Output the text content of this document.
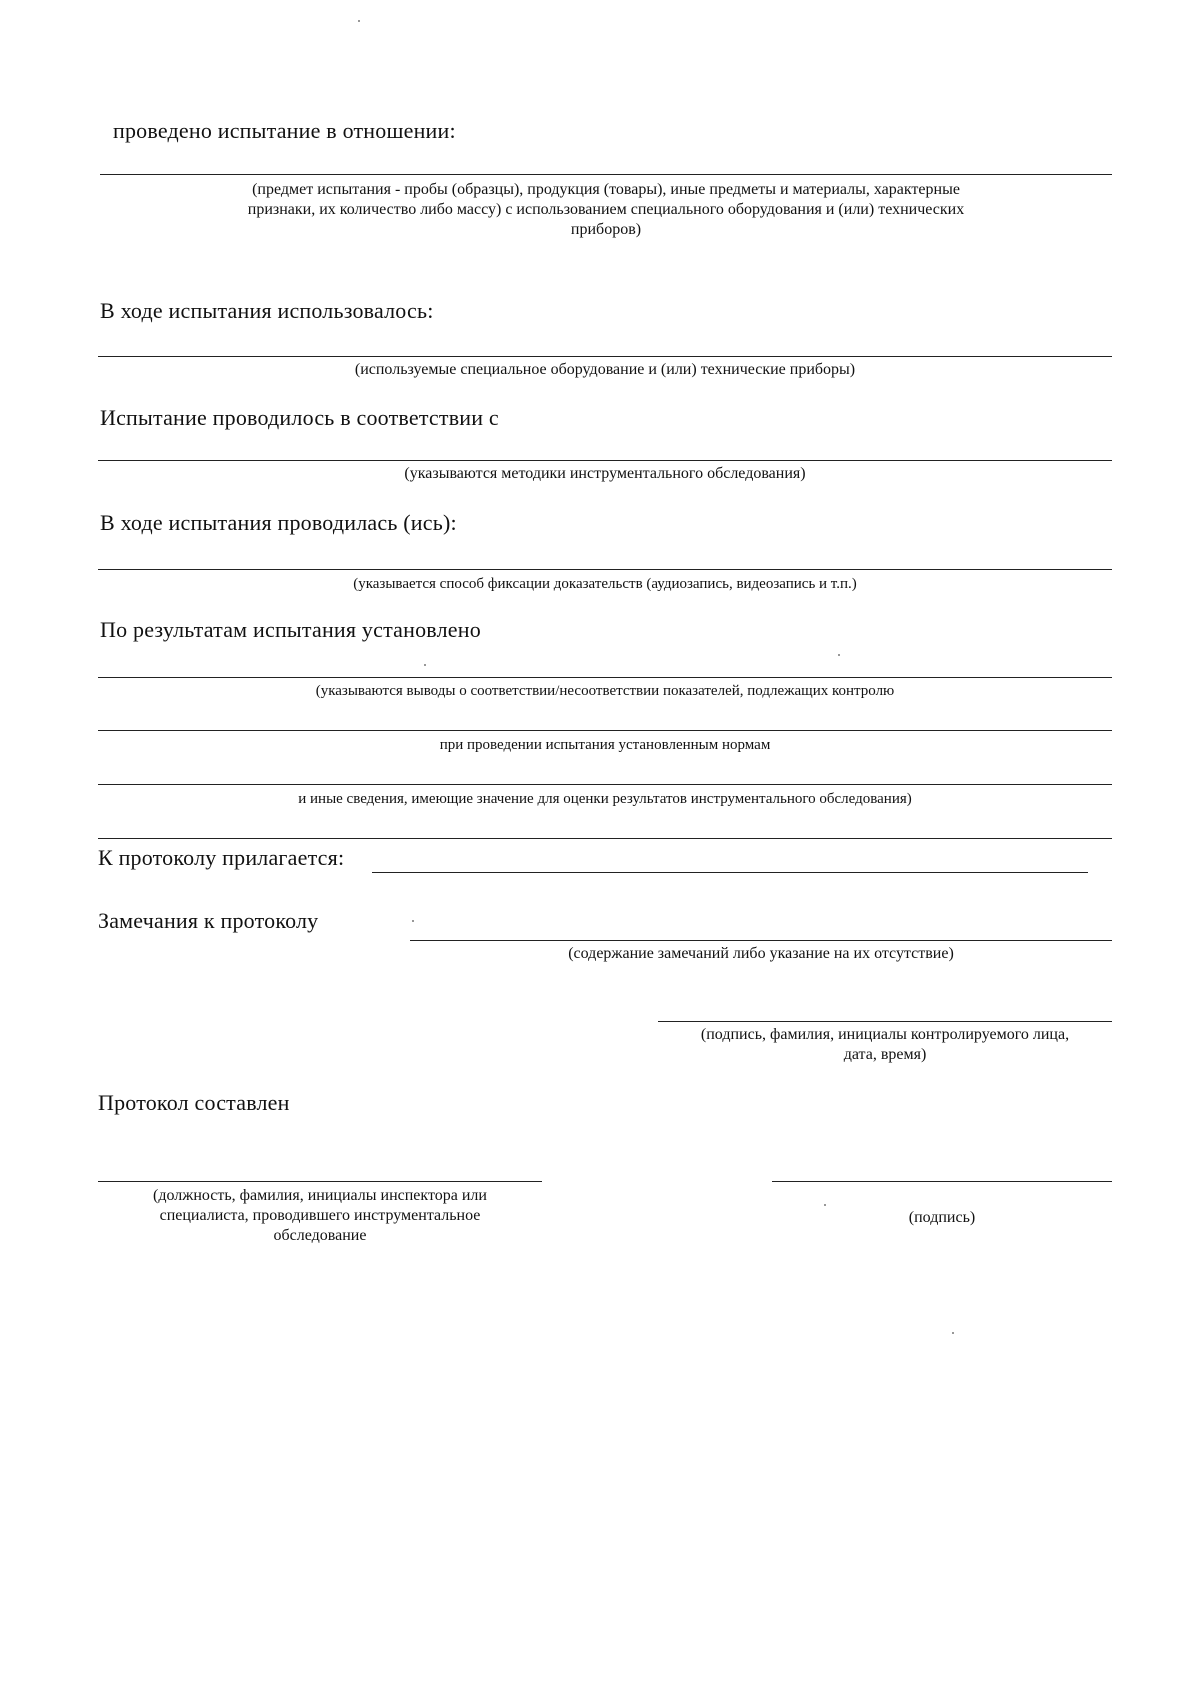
проведено испытание в отношении:
(предмет испытания - пробы (образцы), продукция (товары), иные предметы и материалы, характерные
признаки, их количество либо массу) с использованием специального оборудования и (или) технических
приборов)
В ходе испытания использовалось:
(используемые специальное оборудование и (или) технические приборы)
Испытание проводилось в соответствии с
(указываются методики инструментального обследования)
В ходе испытания проводилась (ись):
(указывается способ фиксации доказательств (аудиозапись, видеозапись и т.п.)
По результатам испытания установлено
(указываются выводы о соответствии/несоответствии показателей, подлежащих контролю
при проведении испытания установленным нормам
и иные сведения, имеющие значение для оценки результатов инструментального обследования)
К протоколу прилагается:
Замечания к протоколу
(содержание замечаний либо указание на их отсутствие)
(подпись, фамилия, инициалы контролируемого лица,
дата, время)
Протокол составлен
(должность, фамилия, инициалы инспектора или
специалиста, проводившего инструментальное
обследование
(подпись)
